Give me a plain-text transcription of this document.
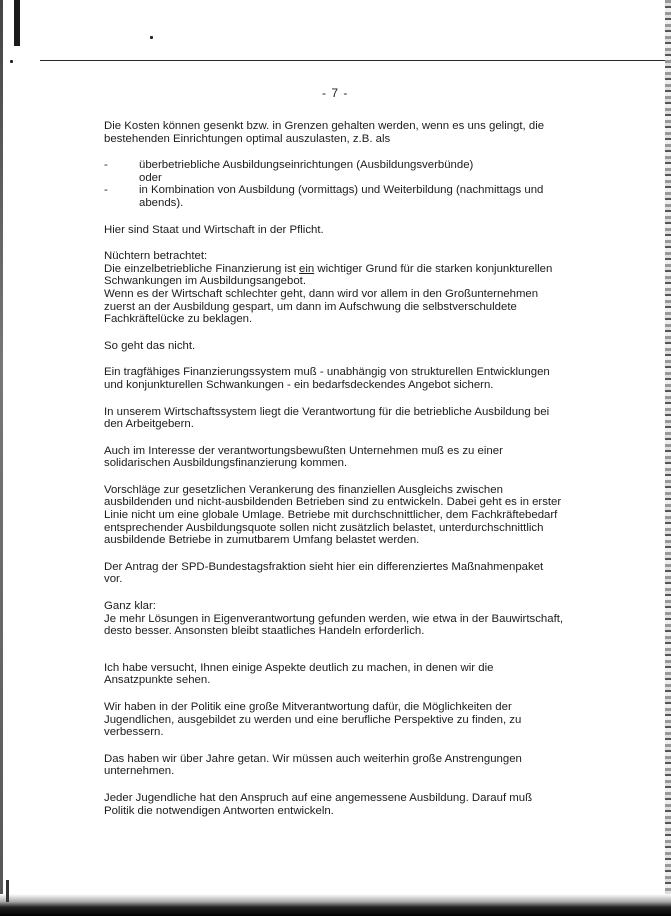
- 7 -

Die Kosten können gesenkt bzw. in Grenzen gehalten werden, wenn es uns gelingt, die bestehenden Einrichtungen optimal auszulasten, z.B. als

-	überbetriebliche Ausbildungseinrichtungen (Ausbildungsverbünde)

oder

-	in Kombination von Ausbildung (vormittags) und Weiterbildung (nachmittags und abends).

Hier sind Staat und Wirtschaft in der Pflicht.

Nüchtern betrachtet:

Die einzelbetriebliche Finanzierung ist ein wichtiger Grund für die starken konjunkturellen Schwankungen im Ausbildungsangebot.

Wenn es der Wirtschaft schlechter geht, dann wird vor allem in den Großunternehmen zuerst an der Ausbildung gespart, um dann im Aufschwung die selbstverschuldete Fachkräftelücke zu beklagen.

So geht das nicht.

Ein tragfähiges Finanzierungssystem muß - unabhängig von strukturellen Entwicklungen und konjunkturellen Schwankungen - ein bedarfsdeckendes Angebot sichern.

In unserem Wirtschaftssystem liegt die Verantwortung für die betriebliche Ausbildung bei den Arbeitgebern.

Auch im Interesse der verantwortungsbewußten Unternehmen muß es zu einer solidarischen Ausbildungsfinanzierung kommen.

Vorschläge zur gesetzlichen Verankerung des finanziellen Ausgleichs zwischen ausbildenden und nicht-ausbildenden Betrieben sind zu entwickeln. Dabei geht es in erster Linie nicht um eine globale Umlage. Betriebe mit durchschnittlicher, dem Fachkräftebedarf entsprechender Ausbildungsquote sollen nicht zusätzlich belastet, unterdurchschnittlich ausbildende Betriebe in zumutbarem Umfang belastet werden.

Der Antrag der SPD-Bundestagsfraktion sieht hier ein differenziertes Maßnahmenpaket vor.

Ganz klar:

Je mehr Lösungen in Eigenverantwortung gefunden werden, wie etwa in der Bauwirtschaft, desto besser. Ansonsten bleibt staatliches Handeln erforderlich.

Ich habe versucht, Ihnen einige Aspekte deutlich zu machen, in denen wir die Ansatzpunkte sehen.

Wir haben in der Politik eine große Mitverantwortung dafür, die Möglichkeiten der Jugendlichen, ausgebildet zu werden und eine berufliche Perspektive zu finden, zu verbessern.

Das haben wir über Jahre getan. Wir müssen auch weiterhin große Anstrengungen unternehmen.

Jeder Jugendliche hat den Anspruch auf eine angemessene Ausbildung. Darauf muß Politik die notwendigen Antworten entwickeln.
